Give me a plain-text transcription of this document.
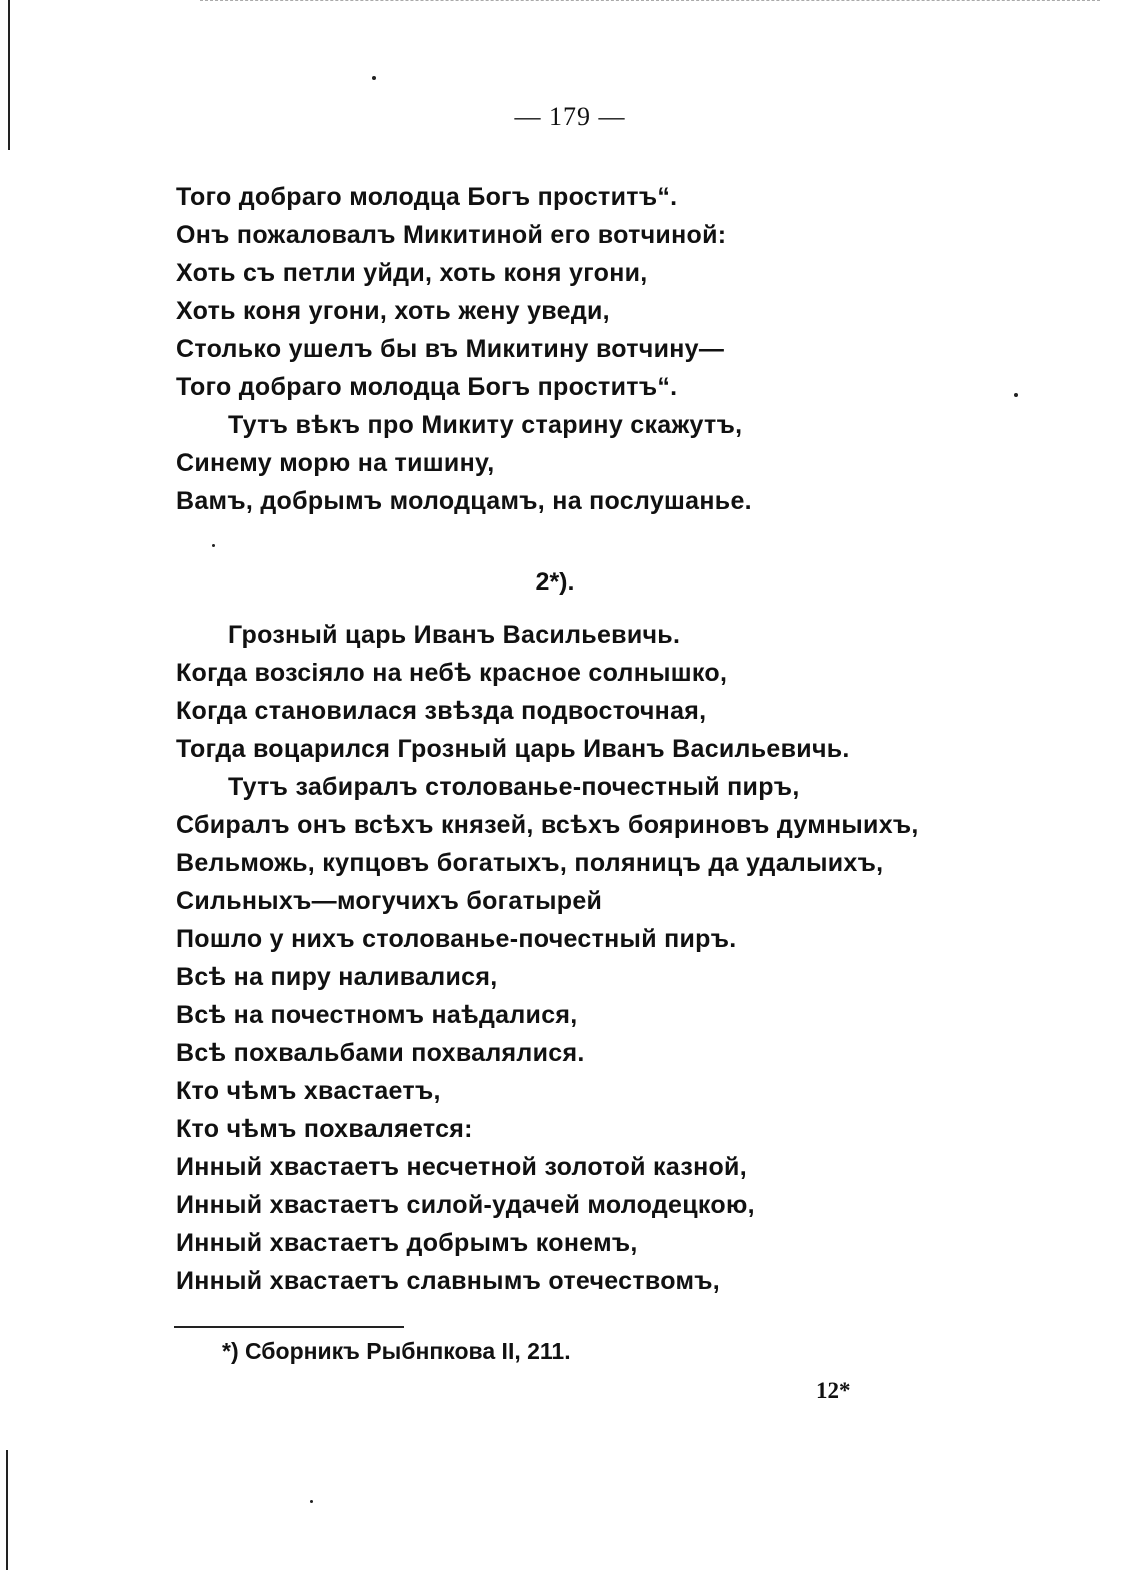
— 179 —
Того добраго молодца Богъ проститъ“.
Онъ пожаловалъ Микитиной его вотчиной:
Хоть съ петли уйди, хоть коня угони,
Хоть коня угони, хоть жену уведи,
Столько ушелъ бы въ Микитину вотчину—
Того добраго молодца Богъ проститъ“.
Тутъ вѣкъ про Микиту старину скажутъ,
Синему морю на тишину,
Вамъ, добрымъ молодцамъ, на послушанье.
2*).
Грозный царь Иванъ Васильевичь.
Когда возсіяло на небѣ красное солнышко,
Когда становилася звѣзда подвосточная,
Тогда воцарился Грозный царь Иванъ Васильевичь.
Тутъ забиралъ столованье-почестный пиръ,
Сбиралъ онъ всѣхъ князей, всѣхъ бояриновъ думныихъ,
Вельможь, купцовъ богатыхъ, поляницъ да удалыихъ,
Сильныхъ—могучихъ богатырей
Пошло у нихъ столованье-почестный пиръ.
Всѣ на пиру наливалися,
Всѣ на почестномъ наѣдалися,
Всѣ похвальбами похвалялися.
Кто чѣмъ хвастаетъ,
Кто чѣмъ похваляется:
Инный хвастаетъ несчетной золотой казной,
Инный хвастаетъ силой-удачей молодецкою,
Инный хвастаетъ добрымъ конемъ,
Инный хвастаетъ славнымъ отечествомъ,
*) Сборникъ Рыбнпкова II, 211.
12*
